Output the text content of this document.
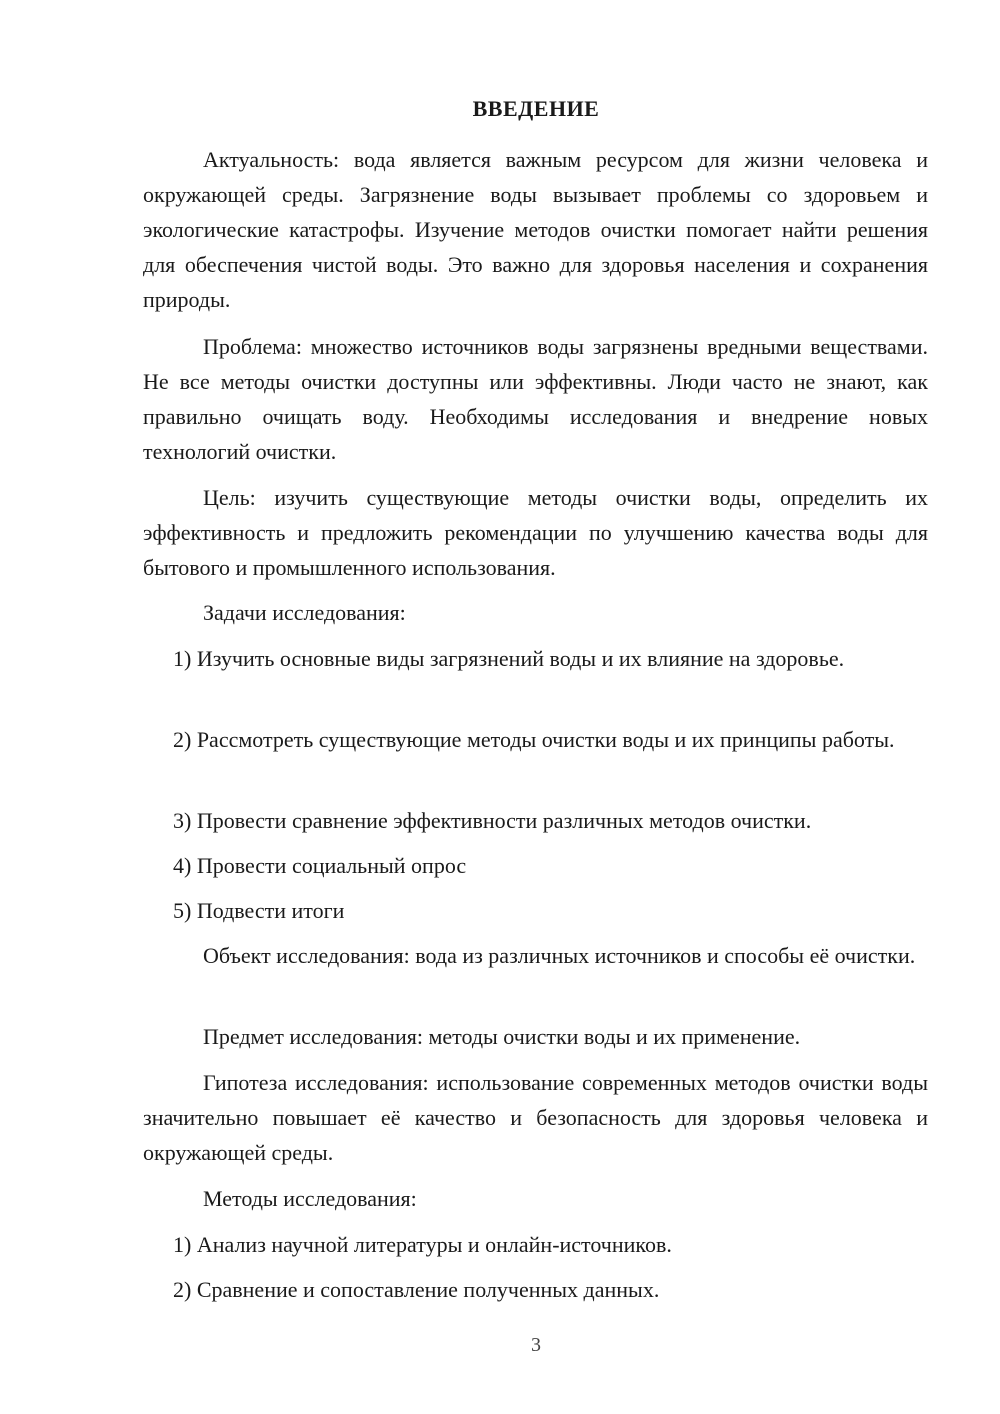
ВВЕДЕНИЕ

Актуальность: вода является важным ресурсом для жизни человека и окружающей среды. Загрязнение воды вызывает проблемы со здоровьем и экологические катастрофы. Изучение методов очистки помогает найти решения для обеспечения чистой воды. Это важно для здоровья населения и сохранения природы.

Проблема: множество источников воды загрязнены вредными веществами. Не все методы очистки доступны или эффективны. Люди часто не знают, как правильно очищать воду. Необходимы исследования и внедрение новых технологий очистки.

Цель: изучить существующие методы очистки воды, определить их эффективность и предложить рекомендации по улучшению качества воды для бытового и промышленного использования.

Задачи исследования:

1) Изучить основные виды загрязнений воды и их влияние на здоровье.

2) Рассмотреть существующие методы очистки воды и их принципы работы.

3) Провести сравнение эффективности различных методов очистки.

4) Провести социальный опрос

5) Подвести итоги

Объект исследования: вода из различных источников и способы её очистки.

Предмет исследования: методы очистки воды и их применение.

Гипотеза исследования: использование современных методов очистки воды значительно повышает её качество и безопасность для здоровья человека и окружающей среды.

Методы исследования:

1) Анализ научной литературы и онлайн-источников.

2) Сравнение и сопоставление полученных данных.

3
